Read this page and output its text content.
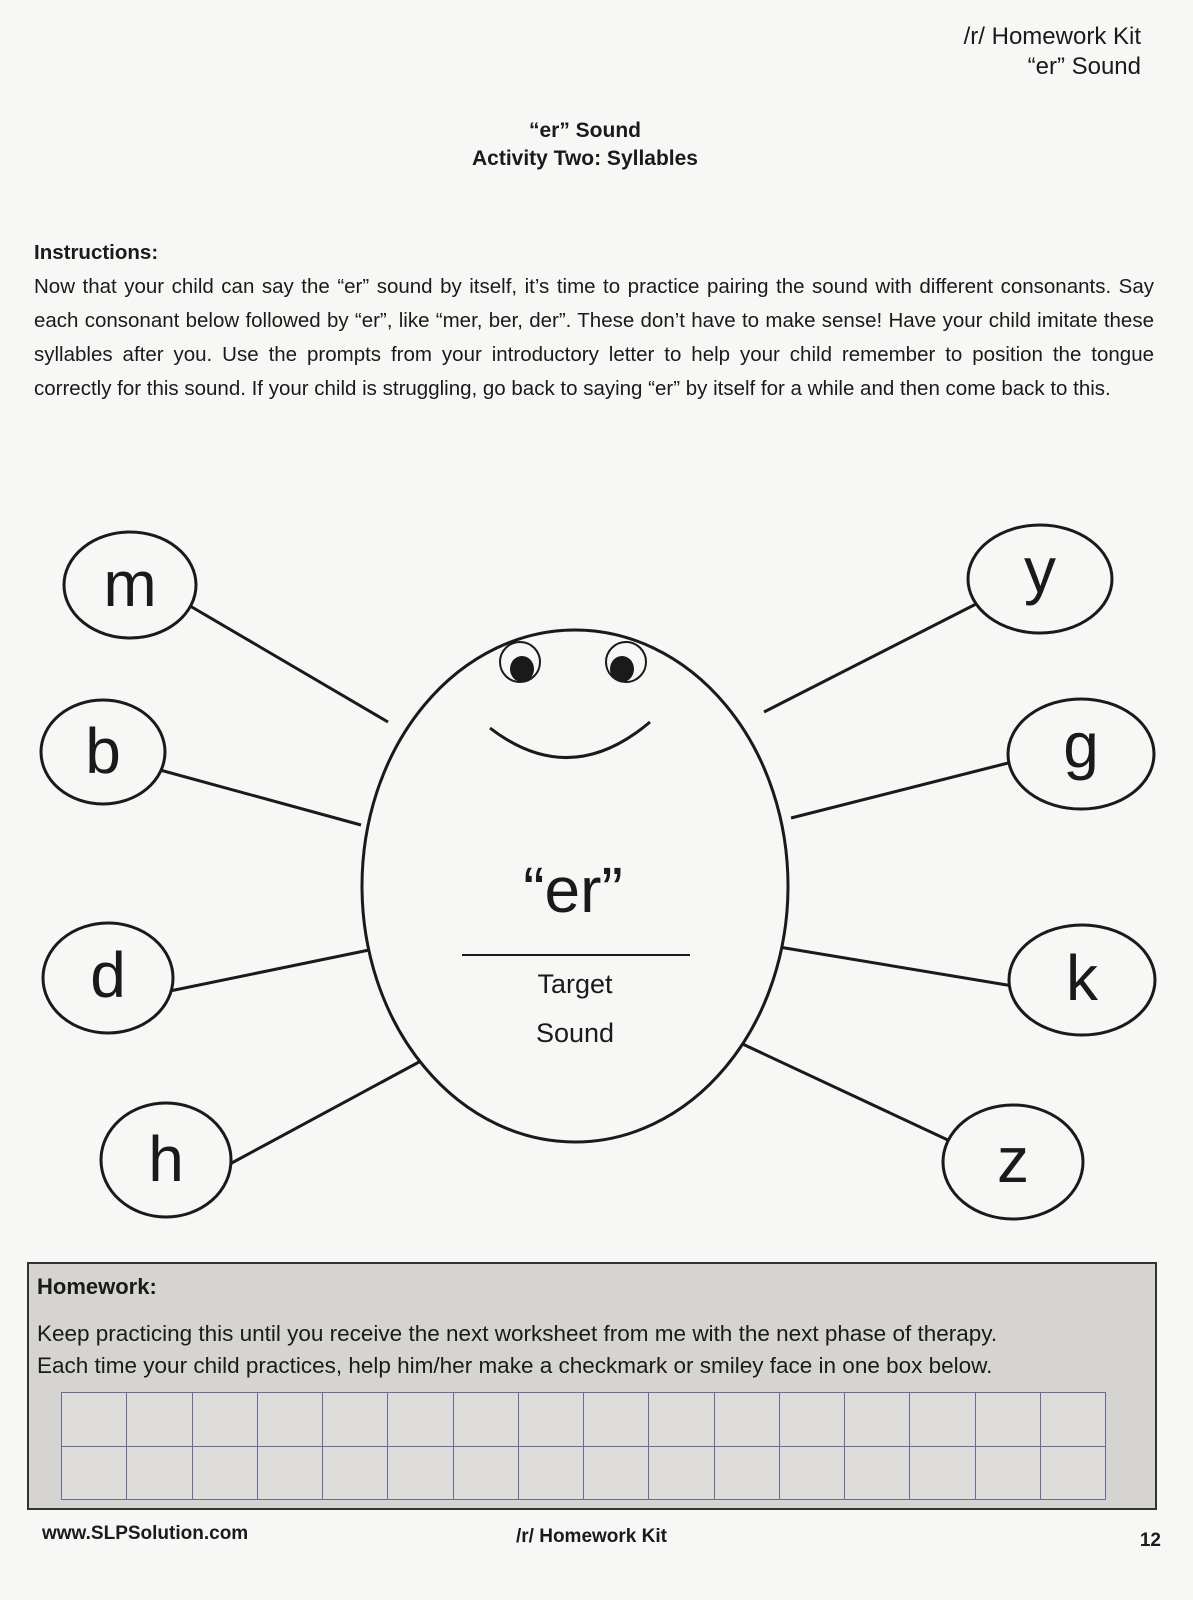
/r/ Homework Kit
“er” Sound
“er” Sound
Activity Two: Syllables
Instructions:

Now that your child can say the “er” sound by itself, it’s time to practice pairing the sound with different consonants. Say each consonant below followed by “er”, like “mer, ber, der”. These don’t have to make sense! Have your child imitate these syllables after you. Use the prompts from your introductory letter to help your child remember to position the tongue correctly for this sound. If your child is struggling, go back to saying “er” by itself for a while and then come back to this.

“er”
Target
Sound
m
b
d
h
y
g
k
z
Homework:
Keep practicing this until you receive the next worksheet from me with the next phase of therapy.
Each time your child practices, help him/her make a checkmark or smiley face in one box below.

www.SLPSolution.com	/r/ Homework Kit	12
